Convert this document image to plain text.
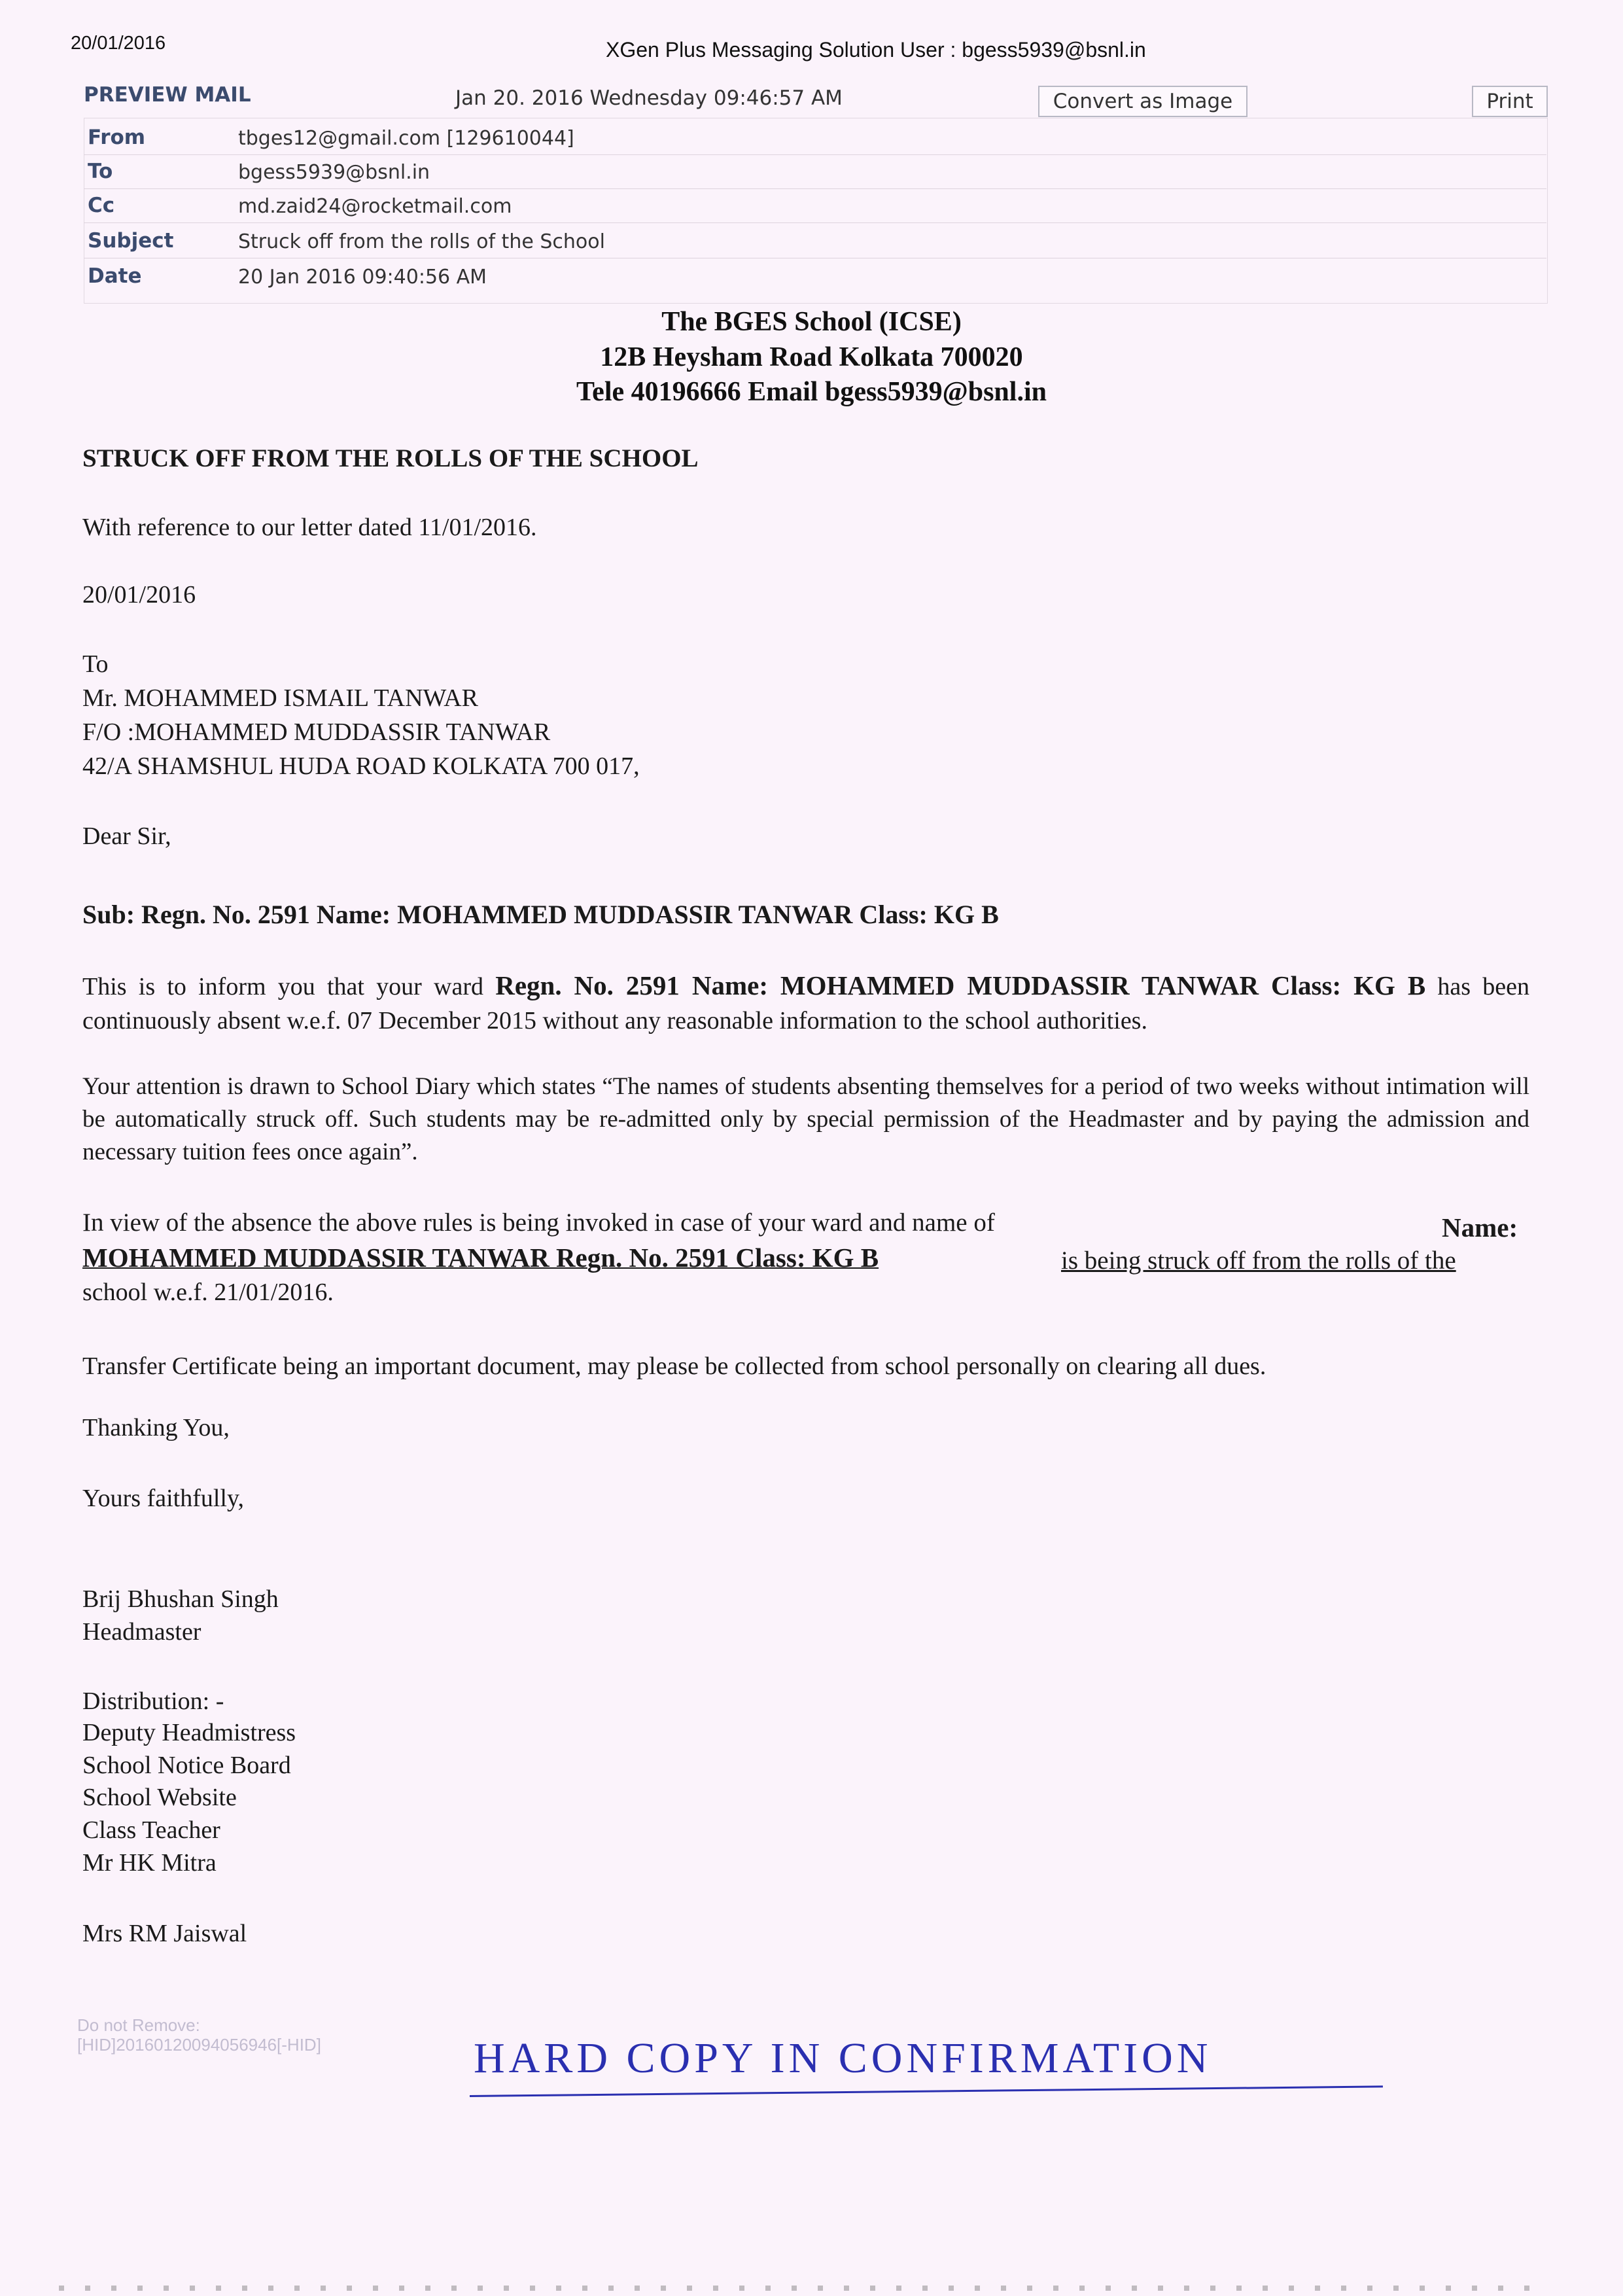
20/01/2016	XGen Plus Messaging Solution User : bgess5939@bsnl.in
PREVIEW MAIL	Jan 20. 2016 Wednesday 09:46:57 AM	Convert as Image	Print
From	tbges12@gmail.com [129610044]
To	bgess5939@bsnl.in
Cc	md.zaid24@rocketmail.com
Subject	Struck off from the rolls of the School
Date	20 Jan 2016 09:40:56 AM
The BGES School (ICSE)
12B Heysham Road Kolkata 700020
Tele 40196666 Email bgess5939@bsnl.in
STRUCK OFF FROM THE ROLLS OF THE SCHOOL
With reference to our letter dated 11/01/2016.
20/01/2016
To
Mr. MOHAMMED ISMAIL TANWAR
F/O :MOHAMMED MUDDASSIR TANWAR
42/A SHAMSHUL HUDA ROAD KOLKATA 700 017,
Dear Sir,
Sub: Regn. No. 2591 Name: MOHAMMED MUDDASSIR TANWAR Class: KG B
This is to inform you that your ward Regn. No. 2591 Name: MOHAMMED MUDDASSIR TANWAR Class: KG B has been continuously absent w.e.f. 07 December 2015 without any reasonable information to the school authorities.
Your attention is drawn to School Diary which states “The names of students absenting themselves for a period of two weeks without intimation will be automatically struck off. Such students may be re-admitted only by special permission of the Headmaster and by paying the admission and necessary tuition fees once again”.
In view of the absence the above rules is being invoked in case of your ward and name of	Name:
MOHAMMED MUDDASSIR TANWAR Regn. No. 2591 Class: KG B	is being struck off from the rolls of the
school w.e.f. 21/01/2016.
Transfer Certificate being an important document, may please be collected from school personally on clearing all dues.
Thanking You,
Yours faithfully,
Brij Bhushan Singh
Headmaster
Distribution: -
Deputy Headmistress
School Notice Board
School Website
Class Teacher
Mr HK Mitra
Mrs RM Jaiswal
Do not Remove:
[HID]20160120094056946[-HID]	HARD COPY IN CONFIRMATION
